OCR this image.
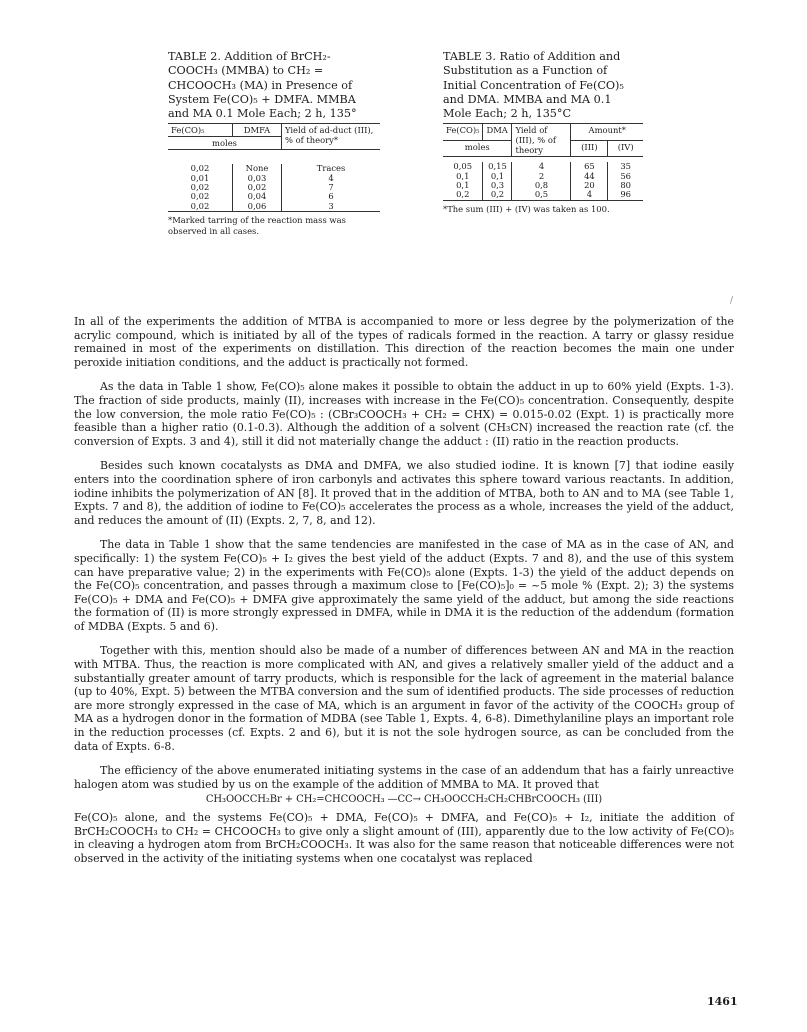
TABLE 2. Addition of BrCH₂-COOCH₃ (MMBA) to CH₂ = CHCOOCH₃ (MA) in Presence of System Fe(CO)₅ + DMFA. MMBA and MA 0.1 Mole Each; 2 h, 135°
Fe(CO)₅	DMFA	Yield of ad-duct (III), % of theory*
moles		

0,02	None	Traces
0,01	0,03	4
0,02	0,02	7
0,02	0,04	6
0,02	0,06	3
*Marked tarring of the reaction mass was observed in all cases.
TABLE 3. Ratio of Addition and Substitution as a Function of Initial Concentration of Fe(CO)₅ and DMA. MMBA and MA 0.1 Mole Each; 2 h, 135°C
Fe(CO)₅	DMA	Yield of (III), % of theory	Amount*	
moles			(III)	(IV)

0,05	0,15	4	65	35
0,1	0,1	2	44	56
0,1	0,3	0,8	20	80
0,2	0,2	0,5	4	96
*The sum (III) + (IV) was taken as 100.
/

In all of the experiments the addition of MTBA is accompanied to more or less degree by the polymerization of the acrylic compound, which is initiated by all of the types of radicals formed in the reaction. A tarry or glassy residue remained in most of the experiments on distillation. This direction of the reaction becomes the main one under peroxide initiation conditions, and the adduct is practically not formed.

As the data in Table 1 show, Fe(CO)₅ alone makes it possible to obtain the adduct in up to 60% yield (Expts. 1-3). The fraction of side products, mainly (II), increases with increase in the Fe(CO)₅ concentration. Consequently, despite the low conversion, the mole ratio Fe(CO)₅ : (CBr₃COOCH₃ + CH₂ = CHX) = 0.015-0.02 (Expt. 1) is practically more feasible than a higher ratio (0.1-0.3). Although the addition of a solvent (CH₃CN) increased the reaction rate (cf. the conversion of Expts. 3 and 4), still it did not materially change the adduct : (II) ratio in the reaction products.

Besides such known cocatalysts as DMA and DMFA, we also studied iodine. It is known [7] that iodine easily enters into the coordination sphere of iron carbonyls and activates this sphere toward various reactants. In addition, iodine inhibits the polymerization of AN [8]. It proved that in the addition of MTBA, both to AN and to MA (see Table 1, Expts. 7 and 8), the addition of iodine to Fe(CO)₅ accelerates the process as a whole, increases the yield of the adduct, and reduces the amount of (II) (Expts. 2, 7, 8, and 12).

The data in Table 1 show that the same tendencies are manifested in the case of MA as in the case of AN, and specifically: 1) the system Fe(CO)₅ + I₂ gives the best yield of the adduct (Expts. 7 and 8), and the use of this system can have preparative value; 2) in the experiments with Fe(CO)₅ alone (Expts. 1-3) the yield of the adduct depends on the Fe(CO)₅ concentration, and passes through a maximum close to [Fe(CO)₅]₀ = ~5 mole % (Expt. 2); 3) the systems Fe(CO)₅ + DMA and Fe(CO)₅ + DMFA give approximately the same yield of the adduct, but among the side reactions the formation of (II) is more strongly expressed in DMFA, while in DMA it is the reduction of the addendum (formation of MDBA (Expts. 5 and 6).

Together with this, mention should also be made of a number of differences between AN and MA in the reaction with MTBA. Thus, the reaction is more complicated with AN, and gives a relatively smaller yield of the adduct and a substantially greater amount of tarry products, which is responsible for the lack of agreement in the material balance (up to 40%, Expt. 5) between the MTBA conversion and the sum of identified products. The side processes of reduction are more strongly expressed in the case of MA, which is an argument in favor of the activity of the COOCH₃ group of MA as a hydrogen donor in the formation of MDBA (see Table 1, Expts. 4, 6-8). Dimethylaniline plays an important role in the reduction processes (cf. Expts. 2 and 6), but it is not the sole hydrogen source, as can be concluded from the data of Expts. 6-8.

The efficiency of the above enumerated initiating systems in the case of an addendum that has a fairly unreactive halogen atom was studied by us on the example of the addition of MMBA to MA. It proved that

CH₃OOCCH₂Br + CH₂=CHCOOCH₃ —CC→ CH₃OOCCH₂CH₂CHBrCOOCH₃ (III)

Fe(CO)₅ alone, and the systems Fe(CO)₅ + DMA, Fe(CO)₅ + DMFA, and Fe(CO)₅ + I₂, initiate the addition of BrCH₂COOCH₃ to CH₂ = CHCOOCH₃ to give only a slight amount of (III), apparently due to the low activity of Fe(CO)₅ in cleaving a hydrogen atom from BrCH₂COOCH₃. It was also for the same reason that noticeable differences were not observed in the activity of the initiating systems when one cocatalyst was replaced

1461
